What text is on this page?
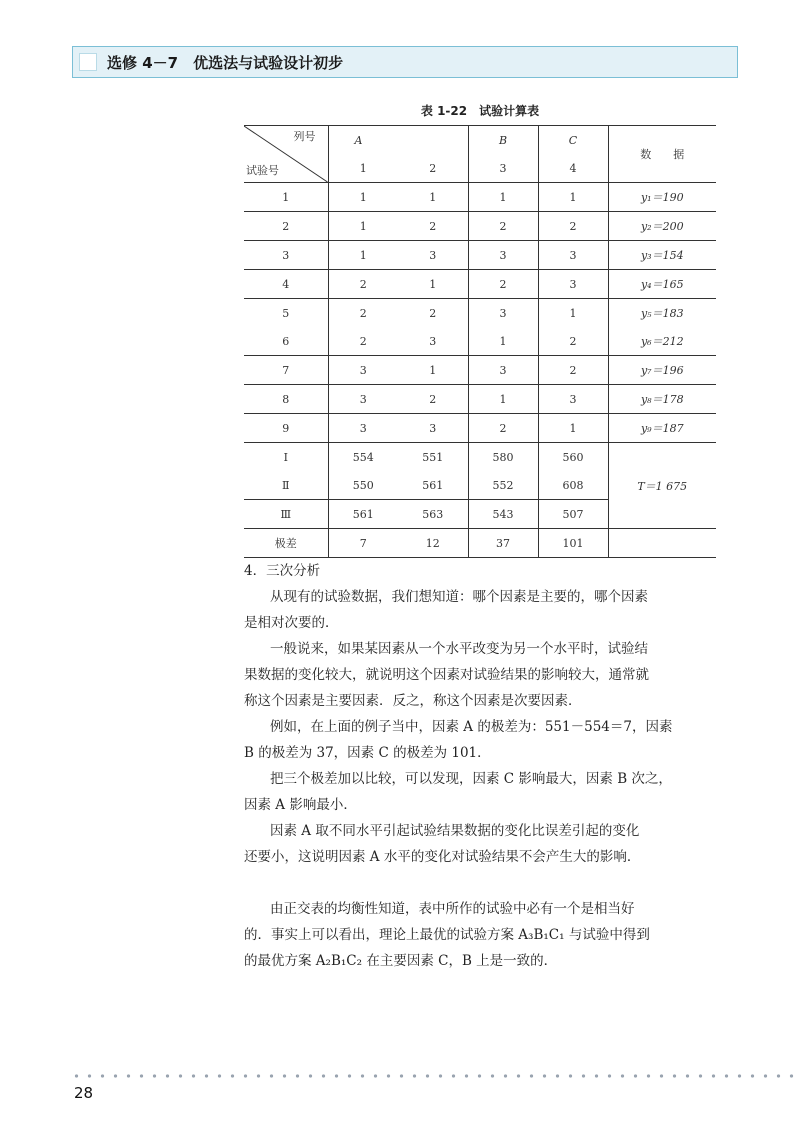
选修 4－7　优选法与试验设计初步
表 1-22　试验计算表
列号
试验号	A		B	C	数　　据
	1	2	3	4	
1	1	1	1	1	y₁＝190
2	1	2	2	2	y₂＝200
3	1	3	3	3	y₃＝154
4	2	1	2	3	y₄＝165
5	2	2	3	1	y₅＝183
6	2	3	1	2	y₆＝212
7	3	1	3	2	y₇＝196
8	3	2	1	3	y₈＝178
9	3	3	2	1	y₉＝187
Ⅰ	554	551	580	560	T＝1 675
Ⅱ	550	561	552	608	
Ⅲ	561	563	543	507	
极差	7	12	37	101	
4．三次分析
从现有的试验数据，我们想知道：哪个因素是主要的，哪个因素
是相对次要的．
一般说来，如果某因素从一个水平改变为另一个水平时，试验结
果数据的变化较大，就说明这个因素对试验结果的影响较大，通常就
称这个因素是主要因素．反之，称这个因素是次要因素．
例如，在上面的例子当中，因素 A 的极差为：551－554＝7，因素
B 的极差为 37，因素 C 的极差为 101．
把三个极差加以比较，可以发现，因素 C 影响最大，因素 B 次之，
因素 A 影响最小．
因素 A 取不同水平引起试验结果数据的变化比误差引起的变化
还要小，这说明因素 A 水平的变化对试验结果不会产生大的影响．
由正交表的均衡性知道，表中所作的试验中必有一个是相当好
的．事实上可以看出，理论上最优的试验方案 A₃B₁C₁ 与试验中得到
的最优方案 A₂B₁C₂ 在主要因素 C，B 上是一致的．
28
